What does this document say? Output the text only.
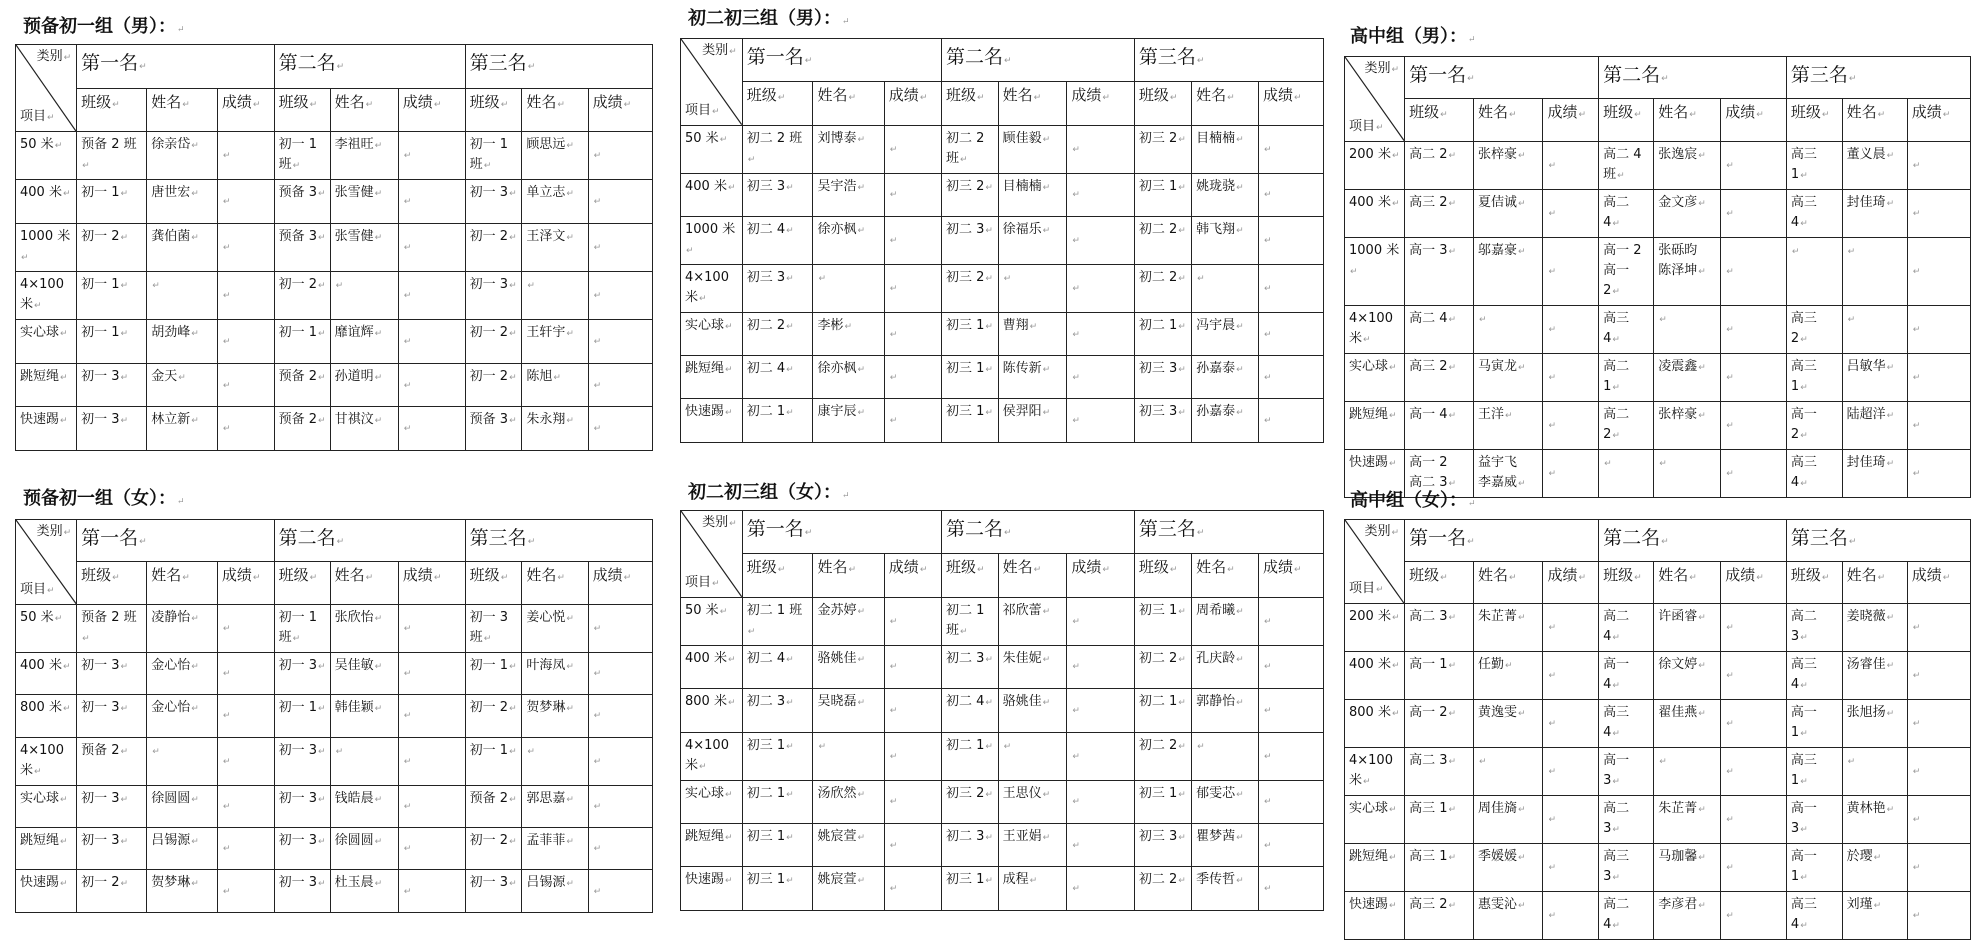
预备初一组（男）： ↵
类别 ↵
项目 ↵	第一名 ↵			第二名 ↵			第三名 ↵
	班级 ↵	姓名 ↵	成绩 ↵	班级 ↵	姓名 ↵	成绩 ↵	班级 ↵	姓名 ↵	成绩 ↵
50 米 ↵	预备 2 班 ↵	徐亲岱 ↵	↵	初一 1班 ↵	李祖旺 ↵	↵	初一 1
班 ↵	顾思远 ↵	↵
400 米 ↵	初一 1 ↵	唐世宏 ↵	↵	预备 3 ↵	张雪健 ↵	↵	初一 3 ↵	单立志 ↵	↵
1000 米 ↵	初一 2 ↵	龚伯菌 ↵	↵	预备 3 ↵	张雪健 ↵	↵	初一 2 ↵	王泽文 ↵	↵
4×100
米 ↵	初一 1 ↵	↵	↵	初一 2 ↵	↵	↵	初一 3 ↵	↵	↵
实心球 ↵	初一 1 ↵	胡劲峰 ↵	↵	初一 1 ↵	靡谊辉 ↵	↵	初一 2 ↵	王轩宇 ↵	↵
跳短绳 ↵	初一 3 ↵	金天 ↵	↵	预备 2 ↵	孙道明 ↵	↵	初一 2 ↵	陈旭 ↵	↵
快速踢 ↵	初一 3 ↵	林立新 ↵	↵	预备 2 ↵	甘祺汶 ↵	↵	预备 3 ↵	朱永翔 ↵	↵
初二初三组（男）： ↵
类别 ↵
项目 ↵	第一名 ↵			第二名 ↵			第三名 ↵
	班级 ↵	姓名 ↵	成绩 ↵	班级 ↵	姓名 ↵	成绩 ↵	班级 ↵	姓名 ↵	成绩 ↵
50 米 ↵	初二 2 班 ↵	刘博泰 ↵	↵	初二 2班 ↵	顾佳毅 ↵	↵	初三 2 ↵	目楠楠 ↵	↵
400 米 ↵	初三 3 ↵	吴宇浩 ↵	↵	初三 2 ↵	目楠楠 ↵	↵	初三 1 ↵	姚珑骁 ↵	↵
1000 米 ↵	初二 4 ↵	徐亦枫 ↵	↵	初二 3 ↵	徐福乐 ↵	↵	初二 2 ↵	韩飞翔 ↵	↵
4×100
米 ↵	初三 3 ↵	↵	↵	初三 2 ↵	↵	↵	初二 2 ↵	↵	↵
实心球 ↵	初二 2 ↵	李彬 ↵	↵	初三 1 ↵	曹翔 ↵	↵	初二 1 ↵	冯宇晨 ↵	↵
跳短绳 ↵	初二 4 ↵	徐亦枫 ↵	↵	初三 1 ↵	陈传新 ↵	↵	初三 3 ↵	孙嘉泰 ↵	↵
快速踢 ↵	初二 1 ↵	康宇辰 ↵	↵	初三 1 ↵	侯羿阳 ↵	↵	初三 3 ↵	孙嘉泰 ↵	↵
高中组（男）： ↵
类别 ↵
项目 ↵	第一名 ↵			第二名 ↵			第三名 ↵
	班级 ↵	姓名 ↵	成绩 ↵	班级 ↵	姓名 ↵	成绩 ↵	班级 ↵	姓名 ↵	成绩 ↵
200 米 ↵	高二 2 ↵	张梓豪 ↵	↵	高二 4班 ↵	张逸宸 ↵	↵	高三 1 ↵	董义晨 ↵	↵
400 米 ↵	高三 2 ↵	夏佶诚 ↵	↵	高二 4 ↵	金文彦 ↵	↵	高三 4 ↵	封佳琦 ↵	↵
1000 米 ↵	高一 3 ↵	邬嘉豪 ↵	↵	高一 2
高一 2 ↵	张砾昀
陈泽坤 ↵	↵	↵	↵	↵
4×100
米 ↵	高二 4 ↵	↵	↵	高三 4 ↵	↵	↵	高三 2 ↵	↵	↵
实心球 ↵	高三 2 ↵	马寅龙 ↵	↵	高二 1 ↵	凌震鑫 ↵	↵	高三 1 ↵	吕敏华 ↵	↵
跳短绳 ↵	高一 4 ↵	王洋 ↵	↵	高二 2 ↵	张梓豪 ↵	↵	高一 2 ↵	陆超洋 ↵	↵
快速踢 ↵	高一 2
高二 3 ↵	益宇飞
李嘉威 ↵	↵	↵	↵	↵	高三 4 ↵	封佳琦 ↵	↵
预备初一组（女）： ↵
类别 ↵
项目 ↵	第一名 ↵			第二名 ↵			第三名 ↵
	班级 ↵	姓名 ↵	成绩 ↵	班级 ↵	姓名 ↵	成绩 ↵	班级 ↵	姓名 ↵	成绩 ↵
50 米 ↵	预备 2 班 ↵	凌静怡 ↵	↵	初一 1班 ↵	张欣怡 ↵	↵	初一 3
班 ↵	姜心悦 ↵	↵
400 米 ↵	初一 3 ↵	金心怡 ↵	↵	初一 3 ↵	吴佳敏 ↵	↵	初一 1 ↵	叶海凤 ↵	↵
800 米 ↵	初一 3 ↵	金心怡 ↵	↵	初一 1 ↵	韩佳颖 ↵	↵	初一 2 ↵	贺梦琳 ↵	↵
4×100
米 ↵	预备 2 ↵	↵	↵	初一 3 ↵	↵	↵	初一 1 ↵	↵	↵
实心球 ↵	初一 3 ↵	徐圆圆 ↵	↵	初一 3 ↵	钱皓晨 ↵	↵	预备 2 ↵	郭思嘉 ↵	↵
跳短绳 ↵	初一 3 ↵	吕锡源 ↵	↵	初一 3 ↵	徐圆圆 ↵	↵	初一 2 ↵	孟菲菲 ↵	↵
快速踢 ↵	初一 2 ↵	贺梦琳 ↵	↵	初一 3 ↵	杜玉晨 ↵	↵	初一 3 ↵	吕锡源 ↵	↵
初二初三组（女）： ↵
类别 ↵
项目 ↵	第一名 ↵			第二名 ↵			第三名 ↵
	班级 ↵	姓名 ↵	成绩 ↵	班级 ↵	姓名 ↵	成绩 ↵	班级 ↵	姓名 ↵	成绩 ↵
50 米 ↵	初二 1 班 ↵	金苏婷 ↵	↵	初二 1班 ↵	祁欣蕾 ↵	↵	初三 1 ↵	周希曦 ↵	↵
400 米 ↵	初二 4 ↵	骆姚佳 ↵	↵	初二 3 ↵	朱佳妮 ↵	↵	初二 2 ↵	孔庆龄 ↵	↵
800 米 ↵	初二 3 ↵	吴晓磊 ↵	↵	初二 4 ↵	骆姚佳 ↵	↵	初二 1 ↵	郭静怡 ↵	↵
4×100
米 ↵	初三 1 ↵	↵	↵	初二 1 ↵	↵	↵	初二 2 ↵	↵	↵
实心球 ↵	初二 1 ↵	汤欣然 ↵	↵	初三 2 ↵	王思仪 ↵	↵	初三 1 ↵	郁雯芯 ↵	↵
跳短绳 ↵	初三 1 ↵	姚宸萱 ↵	↵	初二 3 ↵	王亚娟 ↵	↵	初三 3 ↵	瞿梦茜 ↵	↵
快速踢 ↵	初三 1 ↵	姚宸萱 ↵	↵	初三 1 ↵	成程 ↵	↵	初二 2 ↵	季传哲 ↵	↵
高中组（女）： ↵
类别 ↵
项目 ↵	第一名 ↵			第二名 ↵			第三名 ↵
	班级 ↵	姓名 ↵	成绩 ↵	班级 ↵	姓名 ↵	成绩 ↵	班级 ↵	姓名 ↵	成绩 ↵
200 米 ↵	高二 3 ↵	朱芷菁 ↵	↵	高二 4 ↵	许函睿 ↵	↵	高二 3 ↵	姜晓薇 ↵	↵
400 米 ↵	高一 1 ↵	任勤 ↵	↵	高一 4 ↵	徐文婷 ↵	↵	高三 4 ↵	汤睿佳 ↵	↵
800 米 ↵	高一 2 ↵	黄逸雯 ↵	↵	高三 4 ↵	翟佳燕 ↵	↵	高一 1 ↵	张旭扬 ↵	↵
4×100
米 ↵	高二 3 ↵	↵	↵	高一 3 ↵	↵	↵	高三 1 ↵	↵	↵
实心球 ↵	高三 1 ↵	周佳旖 ↵	↵	高二 3 ↵	朱芷菁 ↵	↵	高一 3 ↵	黄林艳 ↵	↵
跳短绳 ↵	高三 1 ↵	季媛媛 ↵	↵	高三 3 ↵	马珈馨 ↵	↵	高一 1 ↵	於璎 ↵	↵
快速踢 ↵	高三 2 ↵	惠雯沁 ↵	↵	高二 4 ↵	李彦君 ↵	↵	高三 4 ↵	刘瑾 ↵	↵
